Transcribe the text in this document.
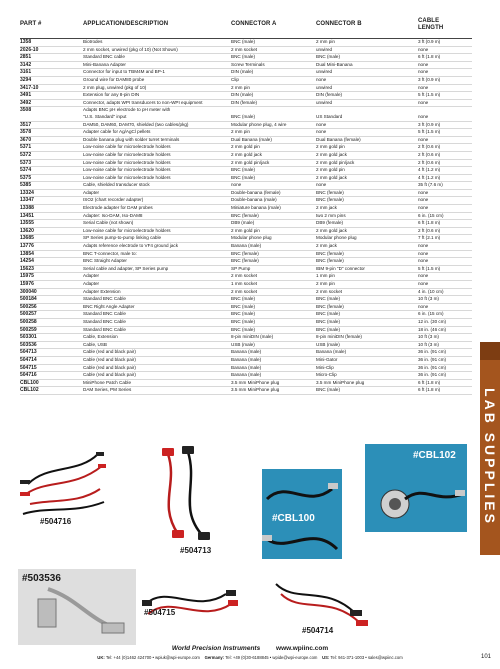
PART #	APPLICATION/DESCRIPTION	CONNECTOR A	CONNECTOR B	CABLE
LENGTH
1358	Biotrodes	BNC (male)	2 mm pin	3 ft (0.9 m)
2026-10	2 mm socket, unwired (pkg of 10) (Not Shown)	2 mm socket	unwired	none
2851	Standard BNC cable	BNC (male)	BNC (male)	6 ft (1.8 m)
3142	Mini-Banana Adapter	Screw Terminals	Dual Mini-Banana	none
3161	Connector for input to TBM4M and BP-1	DIN (male)	unwired	none
3294	Ground wire for DAM80 probe	Clip	none	3 ft (0.9 m)
3417-10	2 mm plug, unwired (pkg of 10)	2 mm pin	unwired	none
3491	Extension for any 8-pin DIN	DIN (male)	DIN (female)	5 ft (1.5 m)
3492	Connector, adapts WPI transducers to non-WPI equipment	DIN (female)	unwired	none
3508	Adapts BNC pH electrode to pH meter with
"U.S. Standard" input	BNC (male)	US Standard	none
3517	DAM50, DAM60, DAM70, shielded (two cables/pkg)	Modular phone plug, 4 wire	none	3 ft (0.9 m)
3578	Adapter cable for Ag/AgCl pellets	2 mm pin	none	5 ft (1.5 m)
3670	Double banana plug with solder turret terminals	Dual Banana (male)	Dual Banana (female)	none
5371	Low-noise cable for microelectrode holders	2 mm gold pin	2 mm gold pin	2 ft (0.6 m)
5372	Low-noise cable for microelectrode holders	2 mm gold jack	2 mm gold jack	2 ft (0.6 m)
5373	Low-noise cable for microelectrode holders	2 mm gold pin/jack	2 mm gold pin/jack	2 ft (0.6 m)
5374	Low-noise cable for microelectrode holders	BNC (male)	2 mm gold pin	4 ft (1.2 m)
5375	Low-noise cable for microelectrode holders	BNC (male)	2 mm gold jack	4 ft (1.2 m)
5385	Cable, shielded transducer stock	none	none	35 ft (7.6 m)
13324	Adapter	Double-banana (female)	BNC (female)	none
13347	ISO2 (chart recorder adapter)	Double-banana (male)	BNC (female)	none
13388	Electrode adapter for DAM probes	Miniature banana (male)	2 mm jack	none
13451	Adapter: Iso-DAM, Iso-DAM8	BNC (female)	two 2 mm pins	6 in. (15 cm)
13555	Serial Cable (not shown)	DB9 (male)	DB9 (female)	6 ft (1.8 m)
13620	Low-noise cable for microelectrode holders	2 mm gold pin	2 mm gold jack	2 ft (0.6 m)
13685	SP Series pump-to-pump linking cable	Modular phone plug	Modular phone plug	7 ft (2.1 m)
13776	Adapts reference electrode to VF4 ground jack	Banana (male)	2 mm jack	none
13854	BNC T-connector, male to:	BNC (female)	BNC (female)	none
14254	BNC Straight Adapter	BNC (female)	BNC (female)	none
15623	Serial cable and adapter, SP Series pump	SP Pump	IBM 9-pin "D" connector	5 ft (1.5 m)
15975	Adapter	2 mm socket	1 mm pin	none
15976	Adapter	1 mm socket	2 mm pin	none
300040	Adapter Extension	2 mm socket	2 mm socket	4 in. (10 cm)
500184	Standard BNC Cable	BNC (male)	BNC (male)	10 ft (3 m)
500256	BNC Right Angle Adapter	BNC (male)	BNC (female)	none
500257	Standard BNC Cable	BNC (male)	BNC (male)	6 in. (15 cm)
500258	Standard BNC Cable	BNC (male)	BNC (male)	12 in. (30 cm)
500259	Standard BNC Cable	BNC (male)	BNC (male)	18 in. (46 cm)
503301	Cable, Extension	8-pin miniDIN (male)	8-pin miniDIN (female)	10 ft (3 m)
503536	Cable, USB	USB (male)	USB (male)	10 ft (3 m)
504713	Cable (red and black pair)	Banana (male)	Banana (male)	36 in. (91 cm)
504714	Cable (red and black pair)	Banana (male)	Mini-Gator	36 in. (91 cm)
504715	Cable (red and black pair)	Banana (male)	Mini-Clip	36 in. (91 cm)
504716	Cable (red and black pair)	Banana (male)	Micro-Clip	36 in. (91 cm)
CBL100	MiniPhone Patch Cable	3.5 mm MiniPhone plug	3.5 mm MiniPhone plug	6 ft (1.8 m)
CBL102	DAM Series, PM Series	3.5 mm MiniPhone plug	BNC (male)	6 ft (1.8 m)	LAB SUPPLIES
#504716
#504713
#CBL100
#CBL102
#503536
#504715
#504714
World Precision Instruments www.wpiinc.com
UK: Tel: +44 (0)1462 424700 • wpiuk@wpi-europe.com Germany: Tel: +49 (0)30-6188845 • wpide@wpi-europe.com US: Tel: 941-371-1003 • sales@wpiinc.com	101
